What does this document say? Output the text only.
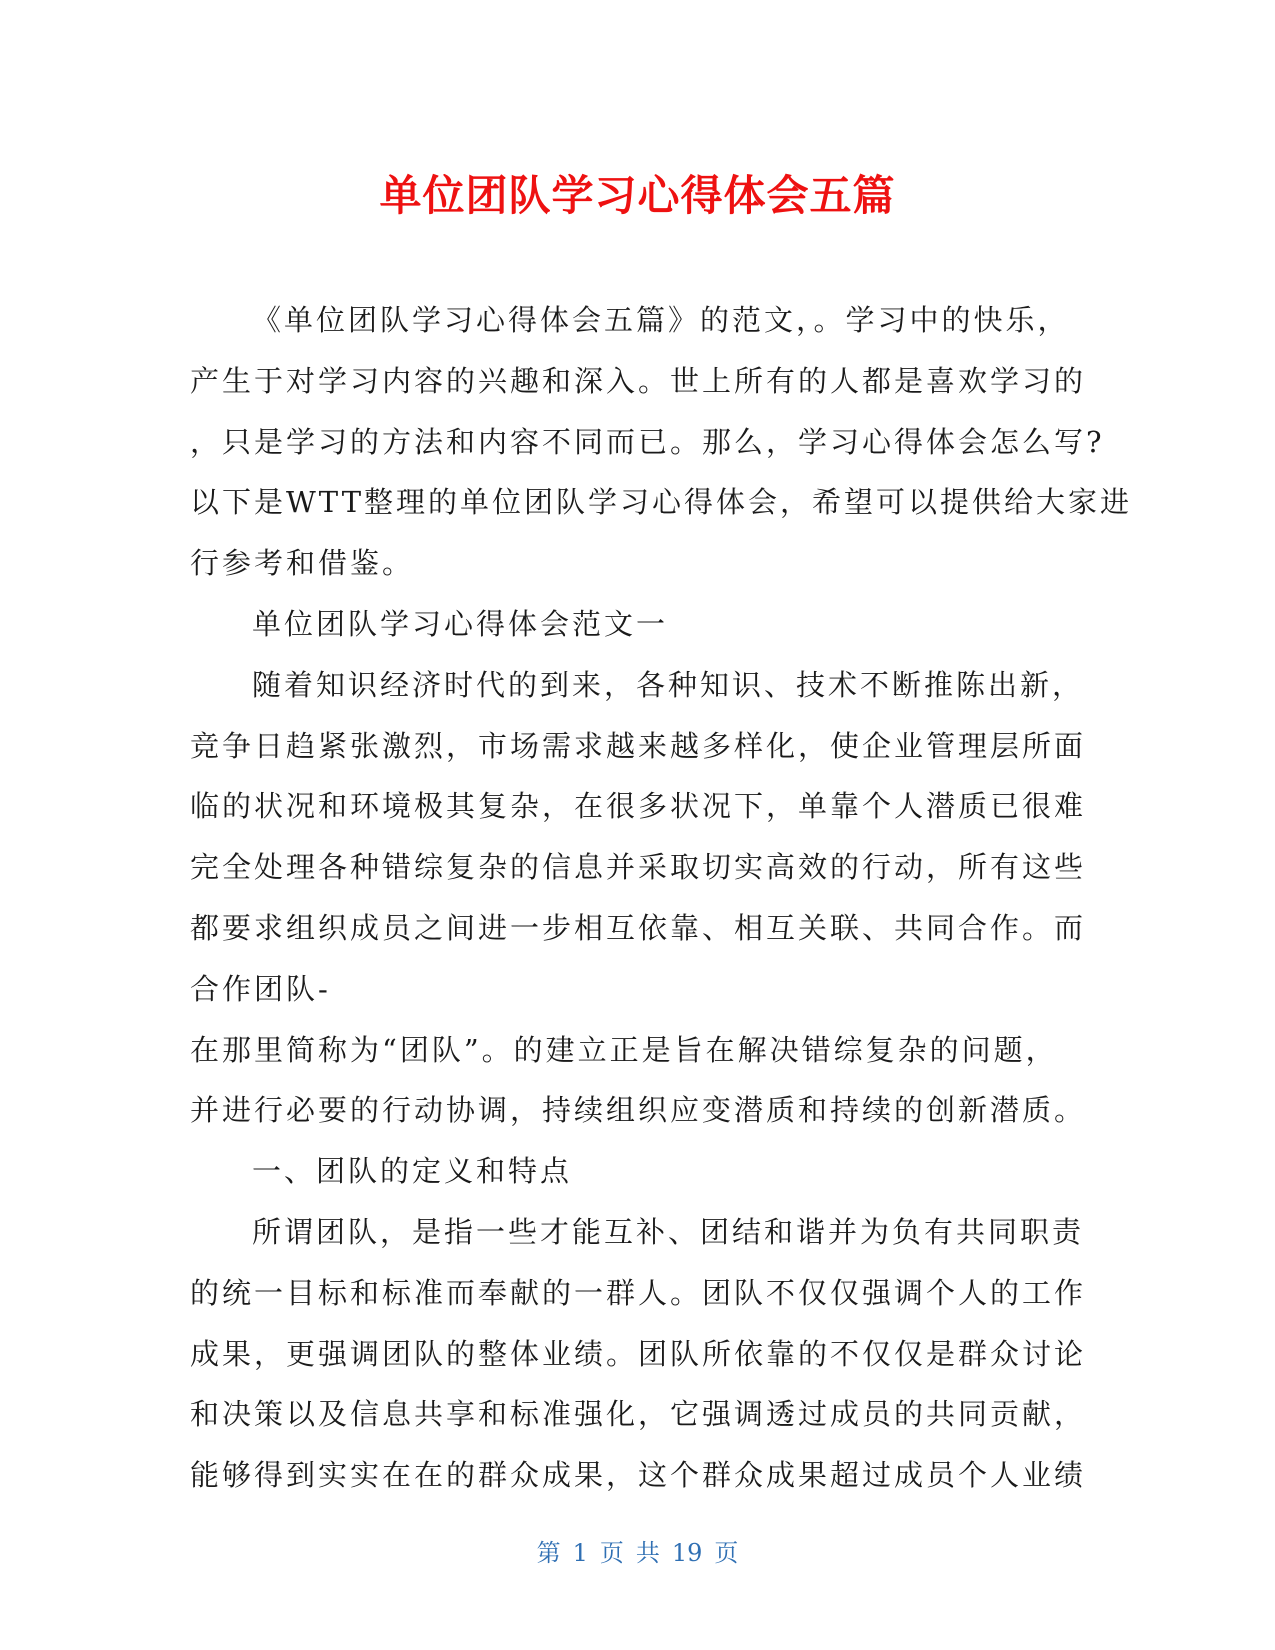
单位团队学习心得体会五篇
《单位团队学习心得体会五篇》的范文，。学习中的快乐，
产生于对学习内容的兴趣和深入。世上所有的人都是喜欢学习的
，只是学习的方法和内容不同而已。那么，学习心得体会怎么写?
以下是WTT整理的单位团队学习心得体会，希望可以提供给大家进
行参考和借鉴。
单位团队学习心得体会范文一
随着知识经济时代的到来，各种知识、技术不断推陈出新，
竞争日趋紧张激烈，市场需求越来越多样化，使企业管理层所面
临的状况和环境极其复杂，在很多状况下，单靠个人潜质已很难
完全处理各种错综复杂的信息并采取切实高效的行动，所有这些
都要求组织成员之间进一步相互依靠、相互关联、共同合作。而
合作团队-
在那里简称为“团队”。的建立正是旨在解决错综复杂的问题，
并进行必要的行动协调，持续组织应变潜质和持续的创新潜质。
一、团队的定义和特点
所谓团队，是指一些才能互补、团结和谐并为负有共同职责
的统一目标和标准而奉献的一群人。团队不仅仅强调个人的工作
成果，更强调团队的整体业绩。团队所依靠的不仅仅是群众讨论
和决策以及信息共享和标准强化，它强调透过成员的共同贡献，
能够得到实实在在的群众成果，这个群众成果超过成员个人业绩
第 1 页 共 19 页
